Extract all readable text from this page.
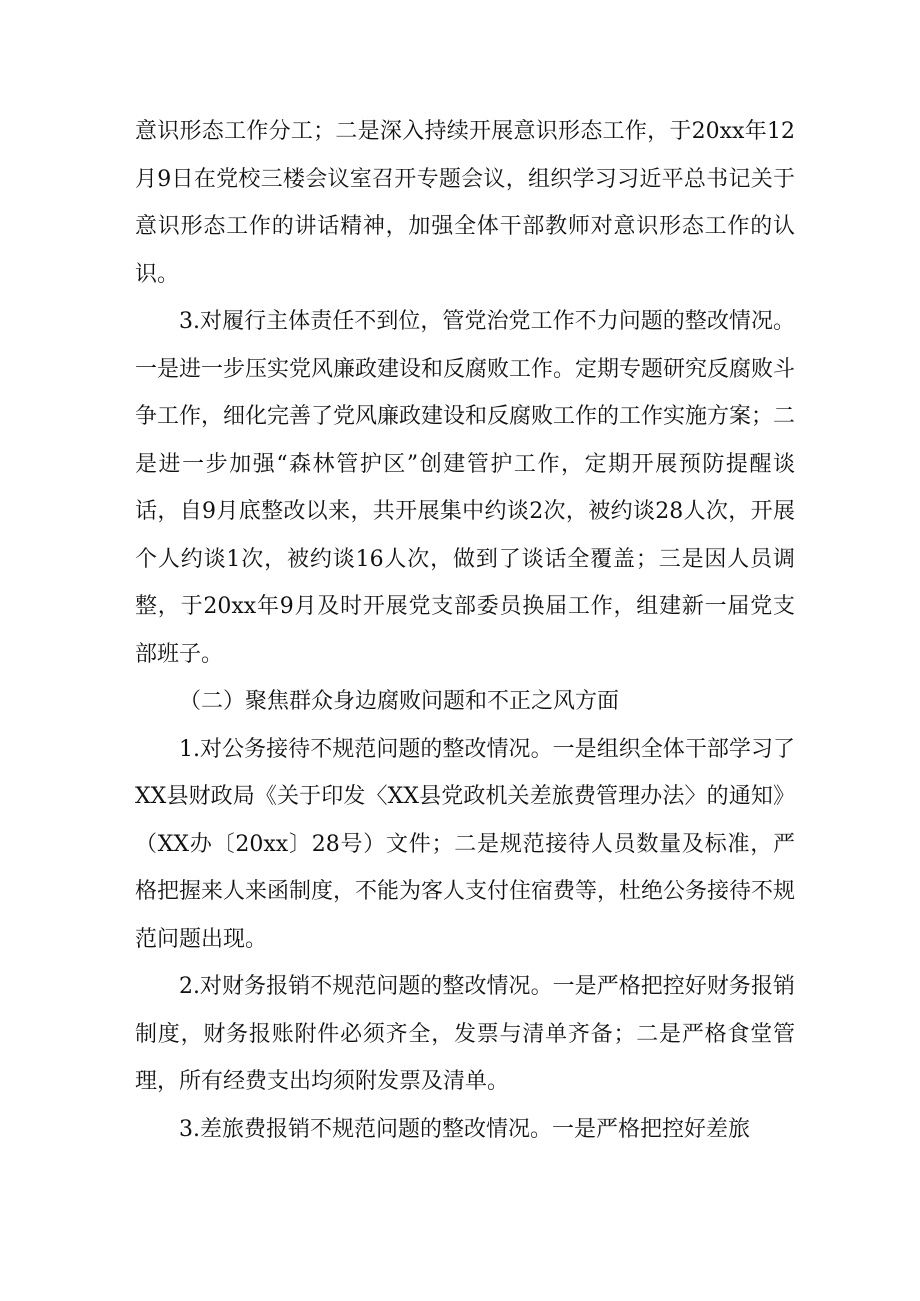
意识形态工作分工；二是深入持续开展意识形态工作，于20xx年12月9日在党校三楼会议室召开专题会议，组织学习习近平总书记关于意识形态工作的讲话精神，加强全体干部教师对意识形态工作的认识。

3.对履行主体责任不到位，管党治党工作不力问题的整改情况。一是进一步压实党风廉政建设和反腐败工作。定期专题研究反腐败斗争工作，细化完善了党风廉政建设和反腐败工作的工作实施方案；二是进一步加强“森林管护区”创建管护工作，定期开展预防提醒谈话，自9月底整改以来，共开展集中约谈2次，被约谈28人次，开展个人约谈1次，被约谈16人次，做到了谈话全覆盖；三是因人员调整，于20xx年9月及时开展党支部委员换届工作，组建新一届党支部班子。

（二）聚焦群众身边腐败问题和不正之风方面

1.对公务接待不规范问题的整改情况。一是组织全体干部学习了XX县财政局《关于印发〈XX县党政机关差旅费管理办法〉的通知》（XX办〔20xx〕28号）文件；二是规范接待人员数量及标准，严格把握来人来函制度，不能为客人支付住宿费等，杜绝公务接待不规范问题出现。

2.对财务报销不规范问题的整改情况。一是严格把控好财务报销制度，财务报账附件必须齐全，发票与清单齐备；二是严格食堂管理，所有经费支出均须附发票及清单。

3.差旅费报销不规范问题的整改情况。一是严格把控好差旅
